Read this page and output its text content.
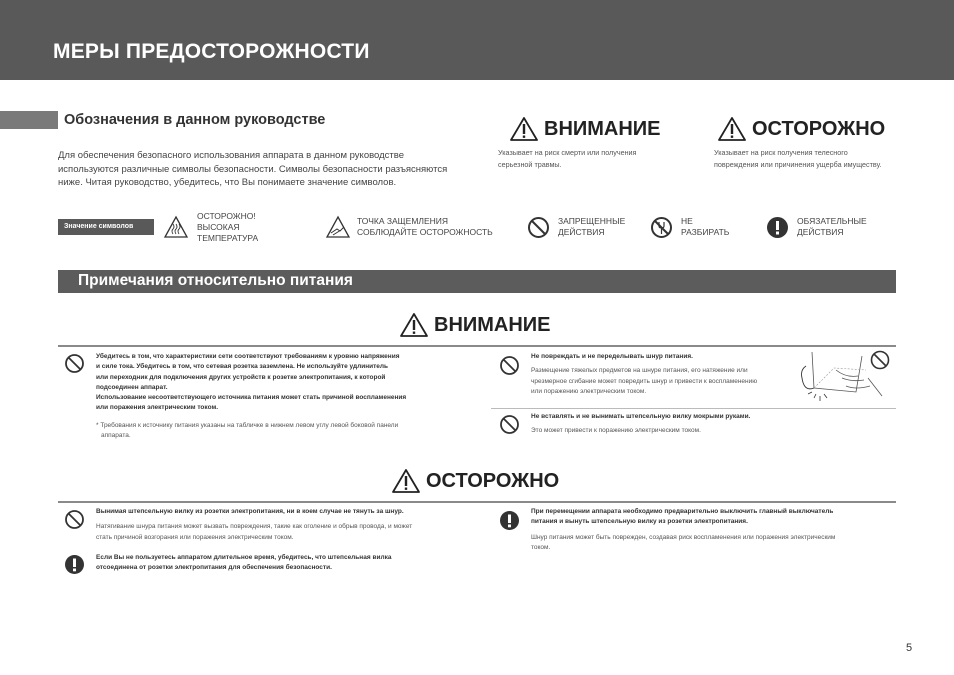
МЕРЫ ПРЕДОСТОРОЖНОСТИ
Обозначения в данном руководстве
Для обеспечения безопасного использования аппарата в данном руководстве используются различные символы безопасности. Символы безопасности разъясняются ниже. Читая руководство, убедитесь, что Вы понимаете значение символов.
ВНИМАНИЕ
Указывает на риск смерти или получения
серьезной травмы.
ОСТОРОЖНО
Указывает на риск получения телесного
повреждения или причинения ущерба имуществу.
Значение символов
ОСТОРОЖНО!
ВЫСОКАЯ
ТЕМПЕРАТУРА
ТОЧКА ЗАЩЕМЛЕНИЯ
СОБЛЮДАЙТЕ ОСТОРОЖНОСТЬ
ЗАПРЕЩЕННЫЕ
ДЕЙСТВИЯ
НЕ
РАЗБИРАТЬ
ОБЯЗАТЕЛЬНЫЕ
ДЕЙСТВИЯ
Примечания относительно питания
ВНИМАНИЕ
Убедитесь в том, что характеристики сети соответствуют требованиям к уровню напряжения
и силе тока. Убедитесь в том, что сетевая розетка заземлена. Не используйте удлинитель
или переходник для подключения других устройств к розетке электропитания, к которой
подсоединен аппарат.
Использование несоответствующего источника питания может стать причиной воспламенения
или поражения электрическим током.
* Требования к источнику питания указаны на табличке в нижнем левом углу левой боковой панели
аппарата.
Не повреждать и не переделывать шнур питания.
Размещение тяжелых предметов на шнуре питания, его натяжение или
чрезмерное сгибание может повредить шнур и привести к воспламенению
или поражению электрическим током.
Не вставлять и не вынимать штепсельную вилку мокрыми руками.
Это может привести к поражению электрическим током.
ОСТОРОЖНО
Вынимая штепсельную вилку из розетки электропитания, ни в коем случае не тянуть за шнур.
Натягивание шнура питания может вызвать повреждения, такие как оголение и обрыв провода, и может
стать причиной возгорания или поражения электрическим током.
Если Вы не пользуетесь аппаратом длительное время, убедитесь, что штепсельная вилка
отсоединена от розетки электропитания для обеспечения безопасности.
При перемещении аппарата необходимо предварительно выключить главный выключатель
питания и вынуть штепсельную вилку из розетки электропитания.
Шнур питания может быть поврежден, создавая риск воспламенения или поражения электрическим
током.
5
